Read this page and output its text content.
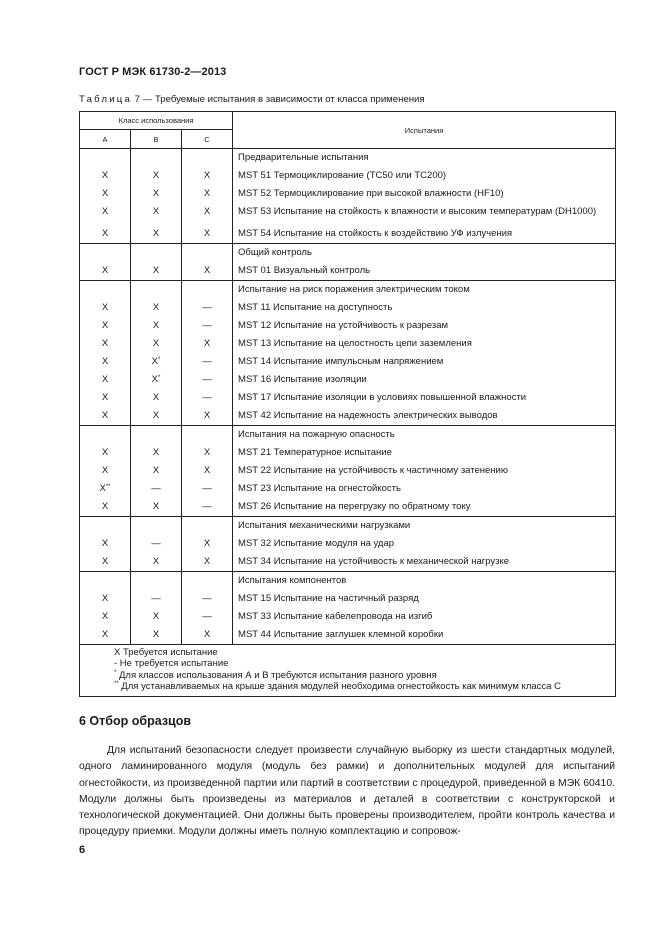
ГОСТ Р МЭК 61730-2—2013
Таблица 7 — Требуемые испытания в зависимости от класса применения
Класс использования			Испытания
А	В	С	
			Предварительные испытания
X	X	X	MST 51 Термоциклирование (ТС50 или ТС200)
X	X	X	MST 52 Термоциклирование при высокой влажности (HF10)
X	X	X	MST 53 Испытание на стойкость к влажности и высоким температурам (DH1000)
X	X	X	MST 54 Испытание на стойкость к воздействию УФ излучения
			Общий контроль
X	X	X	MST 01 Визуальный контроль
			Испытание на риск поражения электрическим током
X	X	—	MST 11 Испытание на доступность
X	X	—	MST 12 Испытание на устойчивость к разрезам
X	X	X	MST 13 Испытание на целостность цепи заземления
X	X*	—	MST 14 Испытание импульсным напряжением
X	X*	—	MST 16 Испытание изоляции
X	X	—	MST 17 Испытание изоляции в условиях повышенной влажности
X	X	X	MST 42 Испытание на надежность электрических выводов
			Испытания на пожарную опасность
X	X	X	MST 21 Температурное испытание
X	X	X	MST 22 Испытание на устойчивость к частичному затенению
X**	—	—	MST 23 Испытание на огнестойкость
X	X	—	MST 26 Испытание на перегрузку по обратному току
			Испытания механическими нагрузками
X	—	X	MST 32 Испытание модуля на удар
X	X	X	MST 34 Испытание на устойчивость к механической нагрузке
			Испытания компонентов
X	—	—	MST 15 Испытание на частичный разряд
X	X	—	MST 33 Испытание кабелепровода на изгиб
X	X	X	MST 44 Испытание заглушек клемной коробки

X Требуется испытание
- Не требуется испытание
* Для классов использования А и В требуются испытания разного уровня
** Для устанавливаемых на крыше здания модулей необходима огнестойкость как минимум класса С			
6 Отбор образцов
Для испытаний безопасности следует произвести случайную выборку из шести стандартных модулей, одного ламинированного модуля (модуль без рамки) и дополнительных модулей для испытаний огнестойкости, из произведенной партии или партий в соответствии с процедурой, приведенной в МЭК 60410. Модули должны быть произведены из материалов и деталей в соответствии с конструкторской и технологической документацией. Они должны быть проверены производителем, пройти контроль качества и процедуру приемки. Модули должны иметь полную комплектацию и сопровож-
6
